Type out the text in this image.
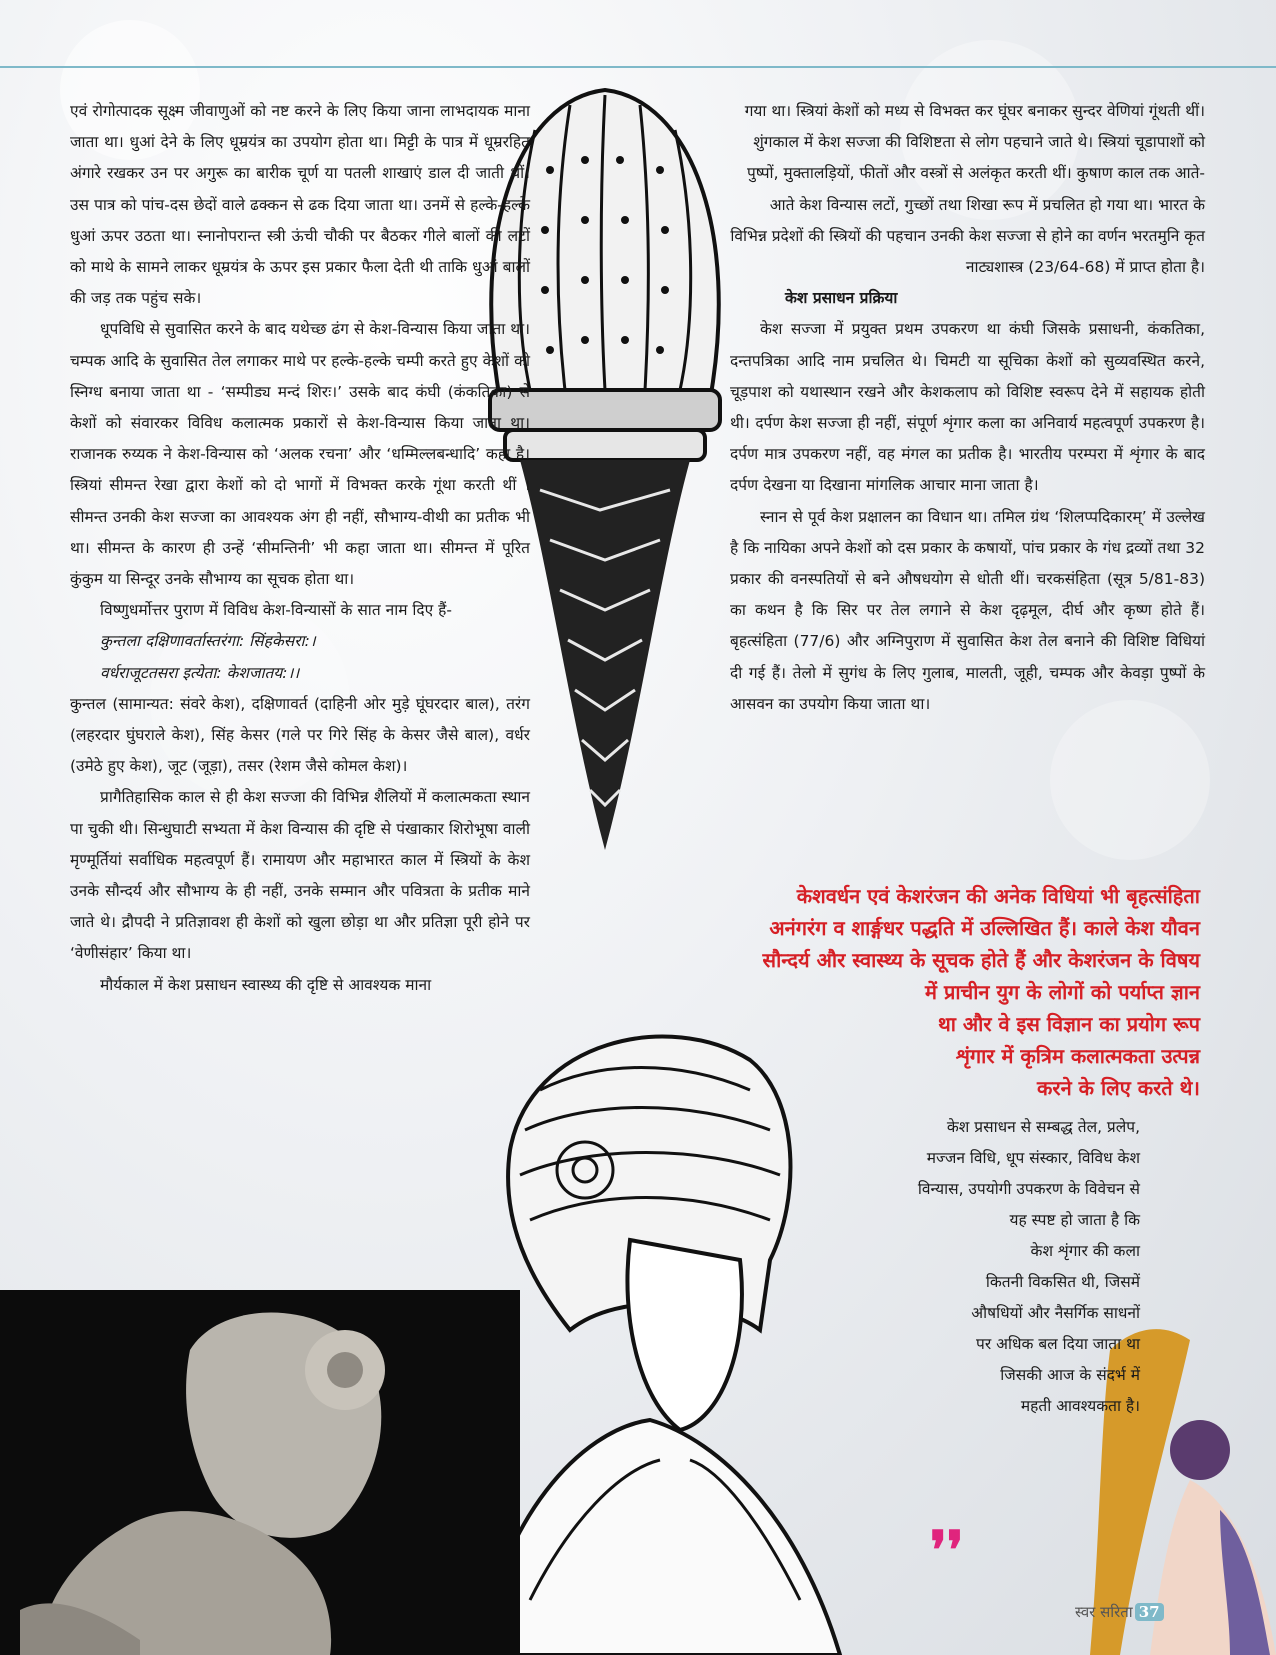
एवं रोगोत्पादक सूक्ष्म जीवाणुओं को नष्ट करने के लिए किया जाना लाभदायक माना जाता था। धुआं देने के लिए धूम्रयंत्र का उपयोग होता था। मिट्टी के पात्र में धूम्ररहित अंगारे रखकर उन पर अगुरू का बारीक चूर्ण या पतली शाखाएं डाल दी जाती थीं। उस पात्र को पांच-दस छेदों वाले ढक्कन से ढक दिया जाता था। उनमें से हल्के-हल्के धुआं ऊपर उठता था। स्नानोपरान्त स्त्री ऊंची चौकी पर बैठकर गीले बालों की लटों को माथे के सामने लाकर धूम्रयंत्र के ऊपर इस प्रकार फैला देती थी ताकि धुआं बालों की जड़ तक पहुंच सके।

धूपविधि से सुवासित करने के बाद यथेच्छ ढंग से केश-विन्यास किया जाता था। चम्पक आदि के सुवासित तेल लगाकर माथे पर हल्के-हल्के चम्पी करते हुए केशों को स्निग्ध बनाया जाता था - ‘सम्पीड्य मन्दं शिरः।’ उसके बाद कंघी (कंकतिका) से केशों को संवारकर विविध कलात्मक प्रकारों से केश-विन्यास किया जाता था। राजानक रुय्यक ने केश-विन्यास को ‘अलक रचना’ और ‘धम्मिल्लबन्धादि’ कहा है। स्त्रियां सीमन्त रेखा द्वारा केशों को दो भागों में विभक्त करके गूंथा करती थीं । सीमन्त उनकी केश सज्जा का आवश्यक अंग ही नहीं, सौभाग्य-वीथी का प्रतीक भी था। सीमन्त के कारण ही उन्हें ‘सीमन्तिनी’ भी कहा जाता था। सीमन्त में पूरित कुंकुम या सिन्दूर उनके सौभाग्य का सूचक होता था।

विष्णुधर्मोत्तर पुराण में विविध केश-विन्यासों के सात नाम दिए हैं-

कुन्तला दक्षिणावर्तास्तरंगा: सिंहकेसरा:।

वर्धराजूटतसरा इत्येता: केशजातय:।।

कुन्तल (सामान्यत: संवरे केश), दक्षिणावर्त (दाहिनी ओर मुड़े घूंघरदार बाल), तरंग (लहरदार घुंघराले केश), सिंह केसर (गले पर गिरे सिंह के केसर जैसे बाल), वर्धर (उमेठे हुए केश), जूट (जूड़ा), तसर (रेशम जैसे कोमल केश)।

प्रागैतिहासिक काल से ही केश सज्जा की विभिन्न शैलियों में कलात्मकता स्थान पा चुकी थी। सिन्धुघाटी सभ्यता में केश विन्यास की दृष्टि से पंखाकार शिरोभूषा वाली मृण्मूर्तियां सर्वाधिक महत्वपूर्ण हैं। रामायण और महाभारत काल में स्त्रियों के केश उनके सौन्दर्य और सौभाग्य के ही नहीं, उनके सम्मान और पवित्रता के प्रतीक माने जाते थे। द्रौपदी ने प्रतिज्ञावश ही केशों को खुला छोड़ा था और प्रतिज्ञा पूरी होने पर ‘वेणीसंहार’ किया था।

मौर्यकाल में केश प्रसाधन स्वास्थ्य की दृष्टि से आवश्यक माना

गया था। स्त्रियां केशों को मध्य से विभक्त कर घूंघर बनाकर सुन्दर वेणियां गूंथती थीं। शुंगकाल में केश सज्जा की विशिष्टता से लोग पहचाने जाते थे। स्त्रियां चूडापाशों को पुष्पों, मुक्तालड़ियों, फीतों और वस्त्रों से अलंकृत करती थीं। कुषाण काल तक आते-आते केश विन्यास लटों, गुच्छों तथा शिखा रूप में प्रचलित हो गया था। भारत के विभिन्न प्रदेशों की स्त्रियों की पहचान उनकी केश सज्जा से होने का वर्णन भरतमुनि कृत नाट्यशास्त्र (23/64-68) में प्राप्त होता है।

केश प्रसाधन प्रक्रिया

केश सज्जा में प्रयुक्त प्रथम उपकरण था कंघी जिसके प्रसाधनी, कंकतिका, दन्तपत्रिका आदि नाम प्रचलित थे। चिमटी या सूचिका केशों को सुव्यवस्थित करने, चूड़पाश को यथास्थान रखने और केशकलाप को विशिष्ट स्वरूप देने में सहायक होती थी। दर्पण केश सज्जा ही नहीं, संपूर्ण शृंगार कला का अनिवार्य महत्वपूर्ण उपकरण है। दर्पण मात्र उपकरण नहीं, वह मंगल का प्रतीक है। भारतीय परम्परा में शृंगार के बाद दर्पण देखना या दिखाना मांगलिक आचार माना जाता है।

स्नान से पूर्व केश प्रक्षालन का विधान था। तमिल ग्रंथ ‘शिलप्पदिकारम्’ में उल्लेख है कि नायिका अपने केशों को दस प्रकार के कषायों, पांच प्रकार के गंध द्रव्यों तथा 32 प्रकार की वनस्पतियों से बने औषधयोग से धोती थीं। चरकसंहिता (सूत्र 5/81-83) का कथन है कि सिर पर तेल लगाने से केश दृढ़मूल, दीर्घ और कृष्ण होते हैं। बृहत्संहिता (77/6) और अग्निपुराण में सुवासित केश तेल बनाने की विशिष्ट विधियां दी गई हैं। तेलो में सुगंध के लिए गुलाब, मालती, जूही, चम्पक और केवड़ा पुष्पों के आसवन का उपयोग किया जाता था।

केशवर्धन एवं केशरंजन की अनेक विधियां भी बृहत्संहिता
अनंगरंग व शार्ङ्गधर पद्धति में उल्लिखित हैं। काले केश यौवन
सौन्दर्य और स्वास्थ्य के सूचक होते हैं और केशरंजन के विषय
में प्राचीन युग के लोगों को पर्याप्त ज्ञान
था और वे इस विज्ञान का प्रयोग रूप
शृंगार में कृत्रिम कलात्मकता उत्पन्न
करने के लिए करते थे।
केश प्रसाधन से सम्बद्ध तेल, प्रलेप,
मज्जन विधि, धूप संस्कार, विविध केश
विन्यास, उपयोगी उपकरण के विवेचन से
यह स्पष्ट हो जाता है कि
केश शृंगार की कला
कितनी विकसित थी, जिसमें
औषधियों और नैसर्गिक साधनों
पर अधिक बल दिया जाता था
जिसकी आज के संदर्भ में
महती आवश्यकता है।
❜❜
स्वर सरिता 37
